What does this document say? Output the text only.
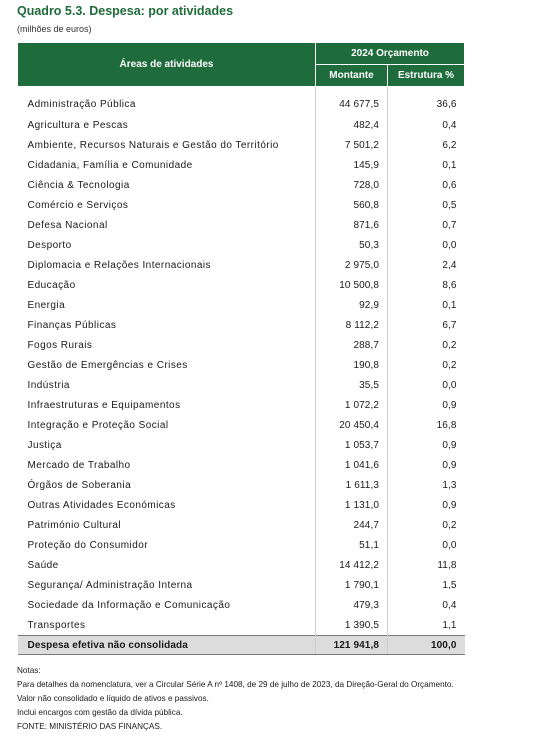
Quadro 5.3. Despesa: por atividades
(milhões de euros)
Áreas de atividades	2024 Orçamento	
	Montante	Estrutura %
Administração Pública	44 677,5	36,6
Agricultura e Pescas	482,4	0,4
Ambiente, Recursos Naturais e Gestão do Território	7 501,2	6,2
Cidadania, Família e Comunidade	145,9	0,1
Ciência & Tecnologia	728,0	0,6
Comércio e Serviços	560,8	0,5
Defesa Nacional	871,6	0,7
Desporto	50,3	0,0
Diplomacia e Relações Internacionais	2 975,0	2,4
Educação	10 500,8	8,6
Energia	92,9	0,1
Finanças Públicas	8 112,2	6,7
Fogos Rurais	288,7	0,2
Gestão de Emergências e Crises	190,8	0,2
Indústria	35,5	0,0
Infraestruturas e Equipamentos	1 072,2	0,9
Integração e Proteção Social	20 450,4	16,8
Justiça	1 053,7	0,9
Mercado de Trabalho	1 041,6	0,9
Órgãos de Soberania	1 611,3	1,3
Outras Atividades Económicas	1 131,0	0,9
Património Cultural	244,7	0,2
Proteção do Consumidor	51,1	0,0
Saúde	14 412,2	11,8
Segurança/ Administração Interna	1 790,1	1,5
Sociedade da Informação e Comunicação	479,3	0,4
Transportes	1 390,5	1,1
Despesa efetiva não consolidada	121 941,8	100,0
Notas:
Para detalhes da nomenclatura, ver a Circular Série A nº 1408, de 29 de julho de 2023, da Direção-Geral do Orçamento.
Valor não consolidado e líquido de ativos e passivos.
Inclui encargos com gestão da dívida pública.
FONTE: MINISTÉRIO DAS FINANÇAS.
